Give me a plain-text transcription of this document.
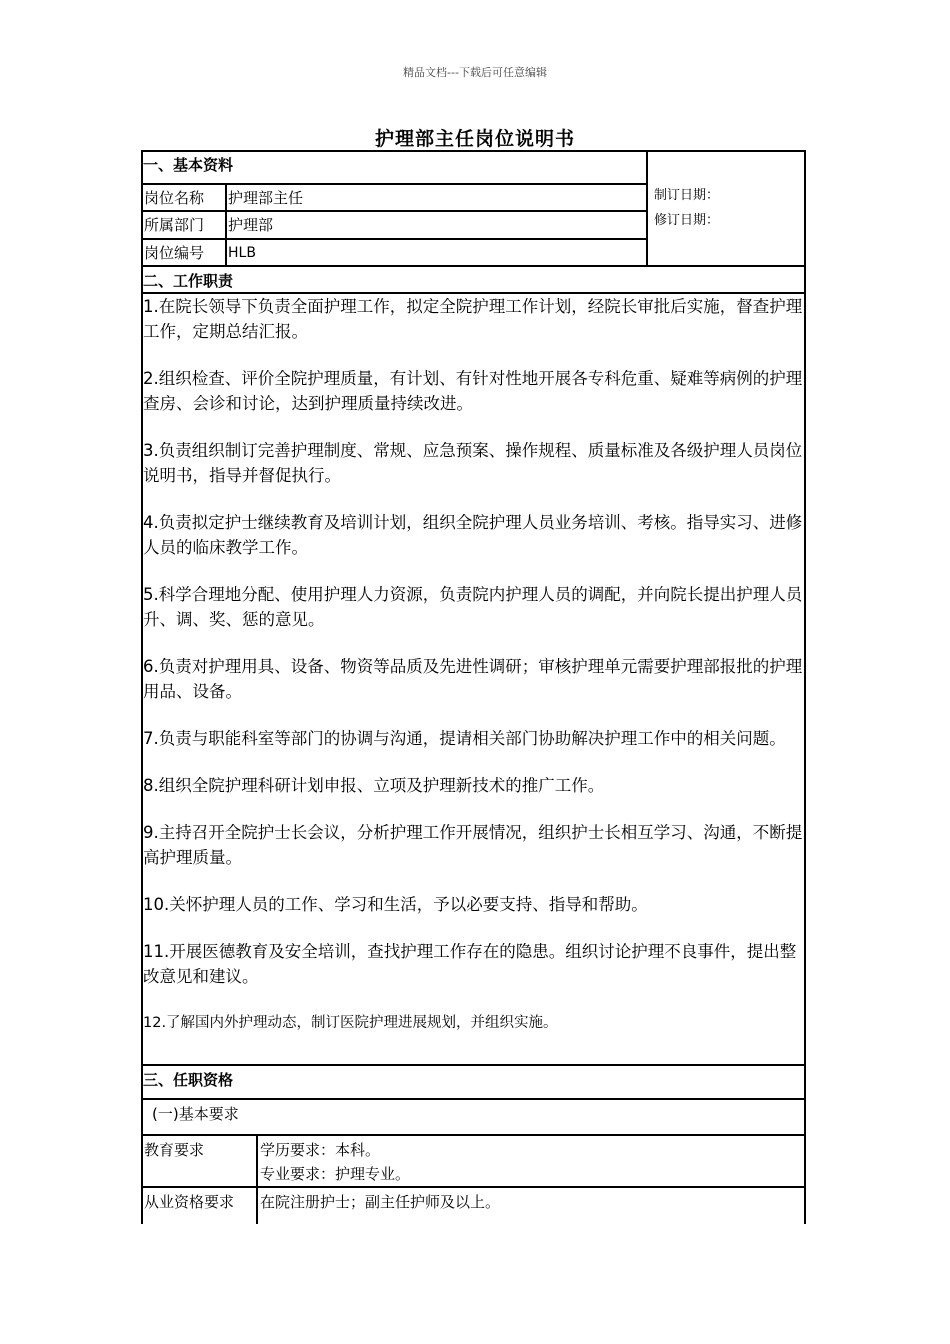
精品文档---下载后可任意编辑
护理部主任岗位说明书
一、基本资料
岗位名称 护理部主任
所属部门 护理部
岗位编号 HLB
制订日期：
修订日期：
二、工作职责

1.在院长领导下负责全面护理工作，拟定全院护理工作计划，经院长审批后实施，督查护理工作，定期总结汇报。

2.组织检查、评价全院护理质量，有计划、有针对性地开展各专科危重、疑难等病例的护理查房、会诊和讨论，达到护理质量持续改进。

3.负责组织制订完善护理制度、常规、应急预案、操作规程、质量标准及各级护理人员岗位说明书，指导并督促执行。

4.负责拟定护士继续教育及培训计划，组织全院护理人员业务培训、考核。指导实习、进修人员的临床教学工作。

5.科学合理地分配、使用护理人力资源，负责院内护理人员的调配，并向院长提出护理人员升、调、奖、惩的意见。

6.负责对护理用具、设备、物资等品质及先进性调研；审核护理单元需要护理部报批的护理用品、设备。

7.负责与职能科室等部门的协调与沟通，提请相关部门协助解决护理工作中的相关问题。

8.组织全院护理科研计划申报、立项及护理新技术的推广工作。

9.主持召开全院护士长会议，分析护理工作开展情况，组织护士长相互学习、沟通，不断提高护理质量。

10.关怀护理人员的工作、学习和生活，予以必要支持、指导和帮助。

11.开展医德教育及安全培训，查找护理工作存在的隐患。组织讨论护理不良事件，提出整改意见和建议。

12.了解国内外护理动态，制订医院护理进展规划，并组织实施。

三、任职资格
(一)基本要求
教育要求	学历要求：本科。
专业要求：护理专业。
从业资格要求 在院注册护士；副主任护师及以上。
